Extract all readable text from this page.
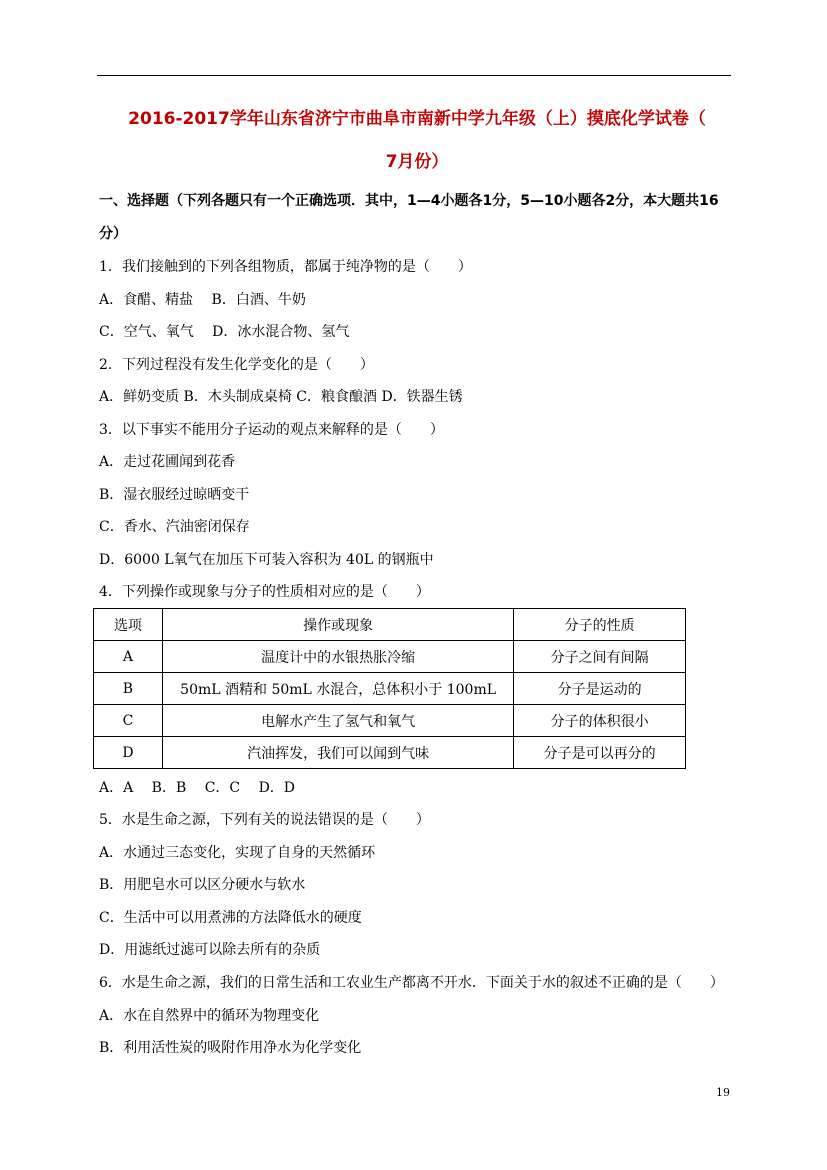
2016-2017学年山东省济宁市曲阜市南新中学九年级（上）摸底化学试卷（
7月份）
一、选择题（下列各题只有一个正确选项．其中，1—4小题各1分，5—10小题各2分，本大题共16
分）
1．我们接触到的下列各组物质，都属于纯净物的是（　　）
A．食醋、精盐　 B．白酒、牛奶
C．空气、氧气　 D．冰水混合物、氢气
2．下列过程没有发生化学变化的是（　　）
A．鲜奶变质 B．木头制成桌椅 C．粮食酿酒 D．铁器生锈
3．以下事实不能用分子运动的观点来解释的是（　　）
A．走过花圃闻到花香
B．湿衣服经过晾晒变干
C．香水、汽油密闭保存
D．6000 L氧气在加压下可装入容积为 40L 的钢瓶中
4．下列操作或现象与分子的性质相对应的是（　　）
选项	操作或现象	分子的性质
A	温度计中的水银热胀冷缩	分子之间有间隔
B	50mL 酒精和 50mL 水混合，总体积小于 100mL	分子是运动的
C	电解水产生了氢气和氧气	分子的体积很小
D	汽油挥发，我们可以闻到气味	分子是可以再分的
A．A　 B．B　 C．C　 D．D
5．水是生命之源，下列有关的说法错误的是（　　）
A．水通过三态变化，实现了自身的天然循环
B．用肥皂水可以区分硬水与软水
C．生活中可以用煮沸的方法降低水的硬度
D．用滤纸过滤可以除去所有的杂质
6．水是生命之源，我们的日常生活和工农业生产都离不开水．下面关于水的叙述不正确的是（　　）
A．水在自然界中的循环为物理变化
B．利用活性炭的吸附作用净水为化学变化
19
